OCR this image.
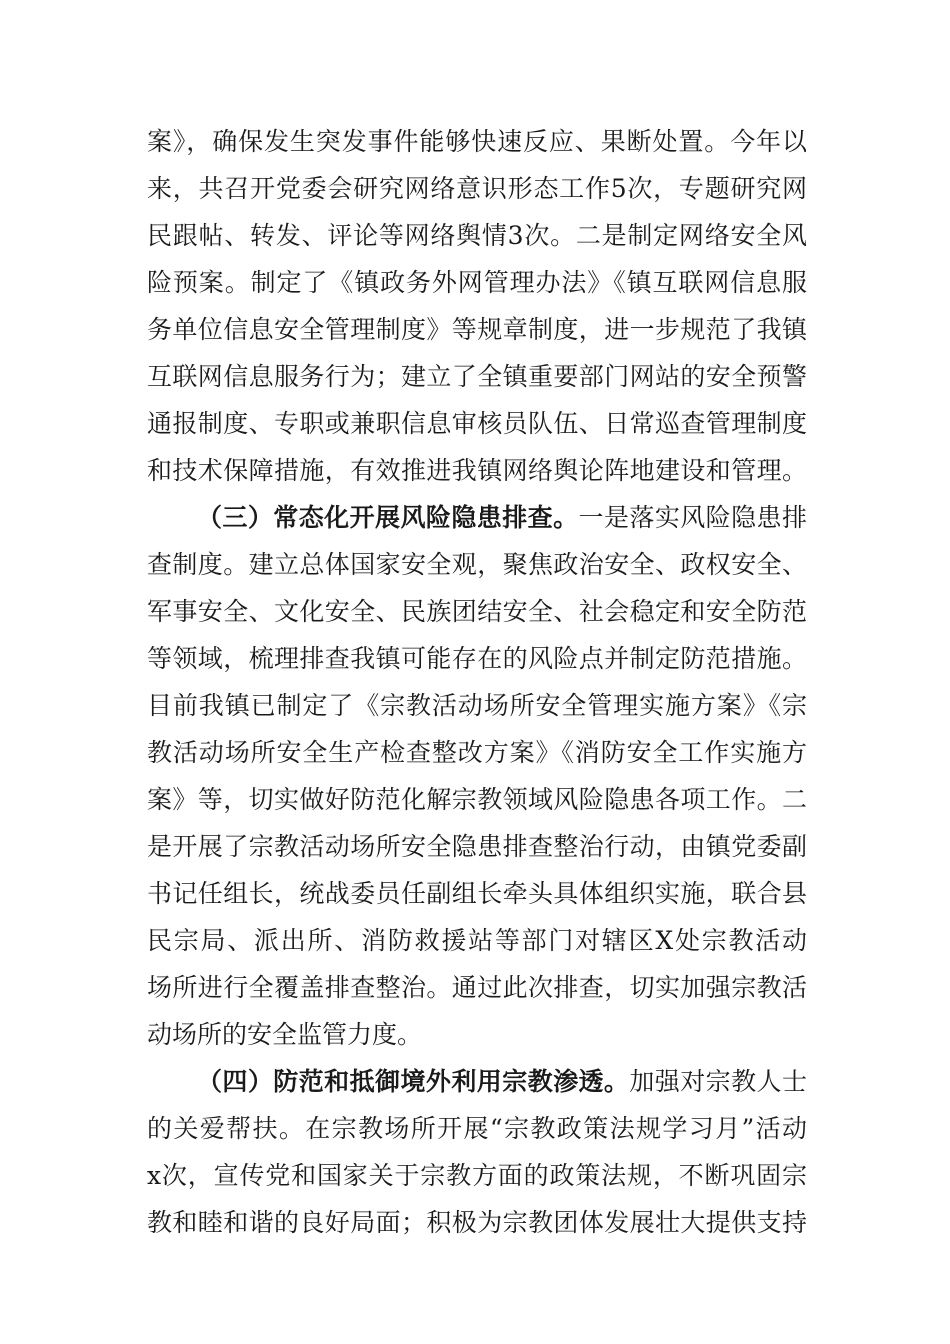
案》，确保发生突发事件能够快速反应、果断处置。今年以
来，共召开党委会研究网络意识形态工作5次，专题研究网
民跟帖、转发、评论等网络舆情3次。二是制定网络安全风
险预案。制定了《镇政务外网管理办法》《镇互联网信息服
务单位信息安全管理制度》等规章制度，进一步规范了我镇
互联网信息服务行为；建立了全镇重要部门网站的安全预警
通报制度、专职或兼职信息审核员队伍、日常巡查管理制度
和技术保障措施，有效推进我镇网络舆论阵地建设和管理。
（三）常态化开展风险隐患排查。一是落实风险隐患排
查制度。建立总体国家安全观，聚焦政治安全、政权安全、
军事安全、文化安全、民族团结安全、社会稳定和安全防范
等领域，梳理排查我镇可能存在的风险点并制定防范措施。
目前我镇已制定了《宗教活动场所安全管理实施方案》《宗
教活动场所安全生产检查整改方案》《消防安全工作实施方
案》等，切实做好防范化解宗教领域风险隐患各项工作。二
是开展了宗教活动场所安全隐患排查整治行动，由镇党委副
书记任组长，统战委员任副组长牵头具体组织实施，联合县
民宗局、派出所、消防救援站等部门对辖区X处宗教活动
场所进行全覆盖排查整治。通过此次排查，切实加强宗教活
动场所的安全监管力度。
（四）防范和抵御境外利用宗教渗透。加强对宗教人士
的关爱帮扶。在宗教场所开展“宗教政策法规学习月”活动
x次，宣传党和国家关于宗教方面的政策法规，不断巩固宗
教和睦和谐的良好局面；积极为宗教团体发展壮大提供支持
